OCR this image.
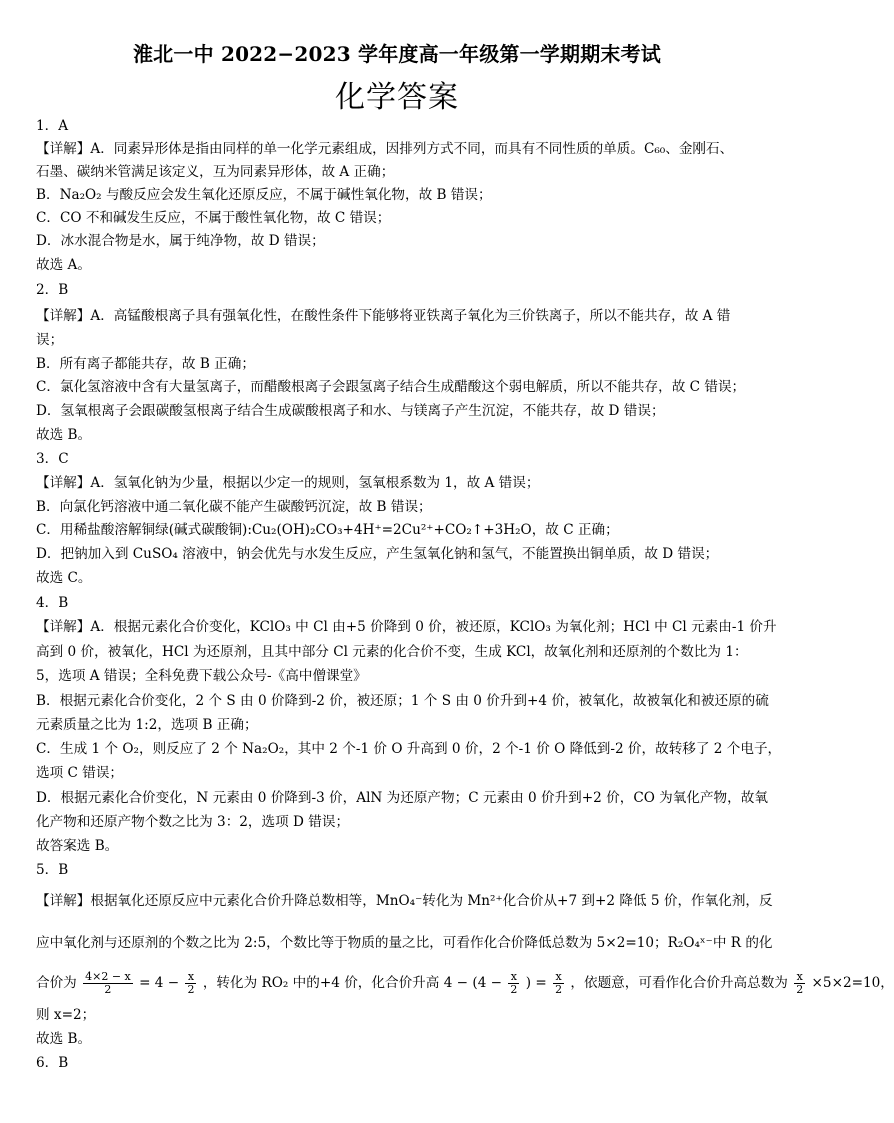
淮北一中 2022−2023 学年度高一年级第一学期期末考试
化学答案
1．A
【详解】A．同素异形体是指由同样的单一化学元素组成，因排列方式不同，而具有不同性质的单质。C₆₀、金刚石、
石墨、碳纳米管满足该定义，互为同素异形体，故 A 正确；
B．Na₂O₂ 与酸反应会发生氧化还原反应，不属于碱性氧化物，故 B 错误；
C．CO 不和碱发生反应，不属于酸性氧化物，故 C 错误；
D．冰水混合物是水，属于纯净物，故 D 错误；
故选 A。
2．B
【详解】A．高锰酸根离子具有强氧化性，在酸性条件下能够将亚铁离子氧化为三价铁离子，所以不能共存，故 A 错
误；
B．所有离子都能共存，故 B 正确；
C．氯化氢溶液中含有大量氢离子，而醋酸根离子会跟氢离子结合生成醋酸这个弱电解质，所以不能共存，故 C 错误；
D．氢氧根离子会跟碳酸氢根离子结合生成碳酸根离子和水、与镁离子产生沉淀，不能共存，故 D 错误；
故选 B。
3．C
【详解】A．氢氧化钠为少量，根据以少定一的规则，氢氧根系数为 1，故 A 错误；
B．向氯化钙溶液中通二氧化碳不能产生碳酸钙沉淀，故 B 错误；
C．用稀盐酸溶解铜绿(碱式碳酸铜):Cu₂(OH)₂CO₃+4H⁺=2Cu²⁺+CO₂↑+3H₂O，故 C 正确；
D．把钠加入到 CuSO₄ 溶液中，钠会优先与水发生反应，产生氢氧化钠和氢气，不能置换出铜单质，故 D 错误；
故选 C。
4．B
【详解】A．根据元素化合价变化，KClO₃ 中 Cl 由+5 价降到 0 价，被还原，KClO₃ 为氧化剂；HCl 中 Cl 元素由-1 价升
高到 0 价，被氧化，HCl 为还原剂，且其中部分 Cl 元素的化合价不变，生成 KCl，故氧化剂和还原剂的个数比为 1：
5，选项 A 错误；全科免费下载公众号-《高中僧课堂》
B．根据元素化合价变化，2 个 S 由 0 价降到-2 价，被还原；1 个 S 由 0 价升到+4 价，被氧化，故被氧化和被还原的硫
元素质量之比为 1:2，选项 B 正确；
C．生成 1 个 O₂，则反应了 2 个 Na₂O₂，其中 2 个-1 价 O 升高到 0 价，2 个-1 价 O 降低到-2 价，故转移了 2 个电子，
选项 C 错误；
D．根据元素化合价变化，N 元素由 0 价降到-3 价，AlN 为还原产物；C 元素由 0 价升到+2 价，CO 为氧化产物，故氧
化产物和还原产物个数之比为 3：2，选项 D 错误；
故答案选 B。
5．B
【详解】根据氧化还原反应中元素化合价升降总数相等，MnO₄⁻转化为 Mn²⁺化合价从+7 到+2 降低 5 价，作氧化剂，反
应中氧化剂与还原剂的个数之比为 2:5，个数比等于物质的量之比，可看作化合价降低总数为 5×2=10；R₂O₄ˣ⁻中 R 的化
合价为 $\frac{4\times 2 - x}{2} = 4 - \frac{x}{2}$ ，转化为 RO₂ 中的+4 价，化合价升高 $4 - (4 - \frac{x}{2}$ ) = $\frac{x}{2}$ ，依题意，可看作化合价升高总数为 $\frac{x}{2} \times 5\times 2=10$，
则 x=2；
故选 B。
6．B
